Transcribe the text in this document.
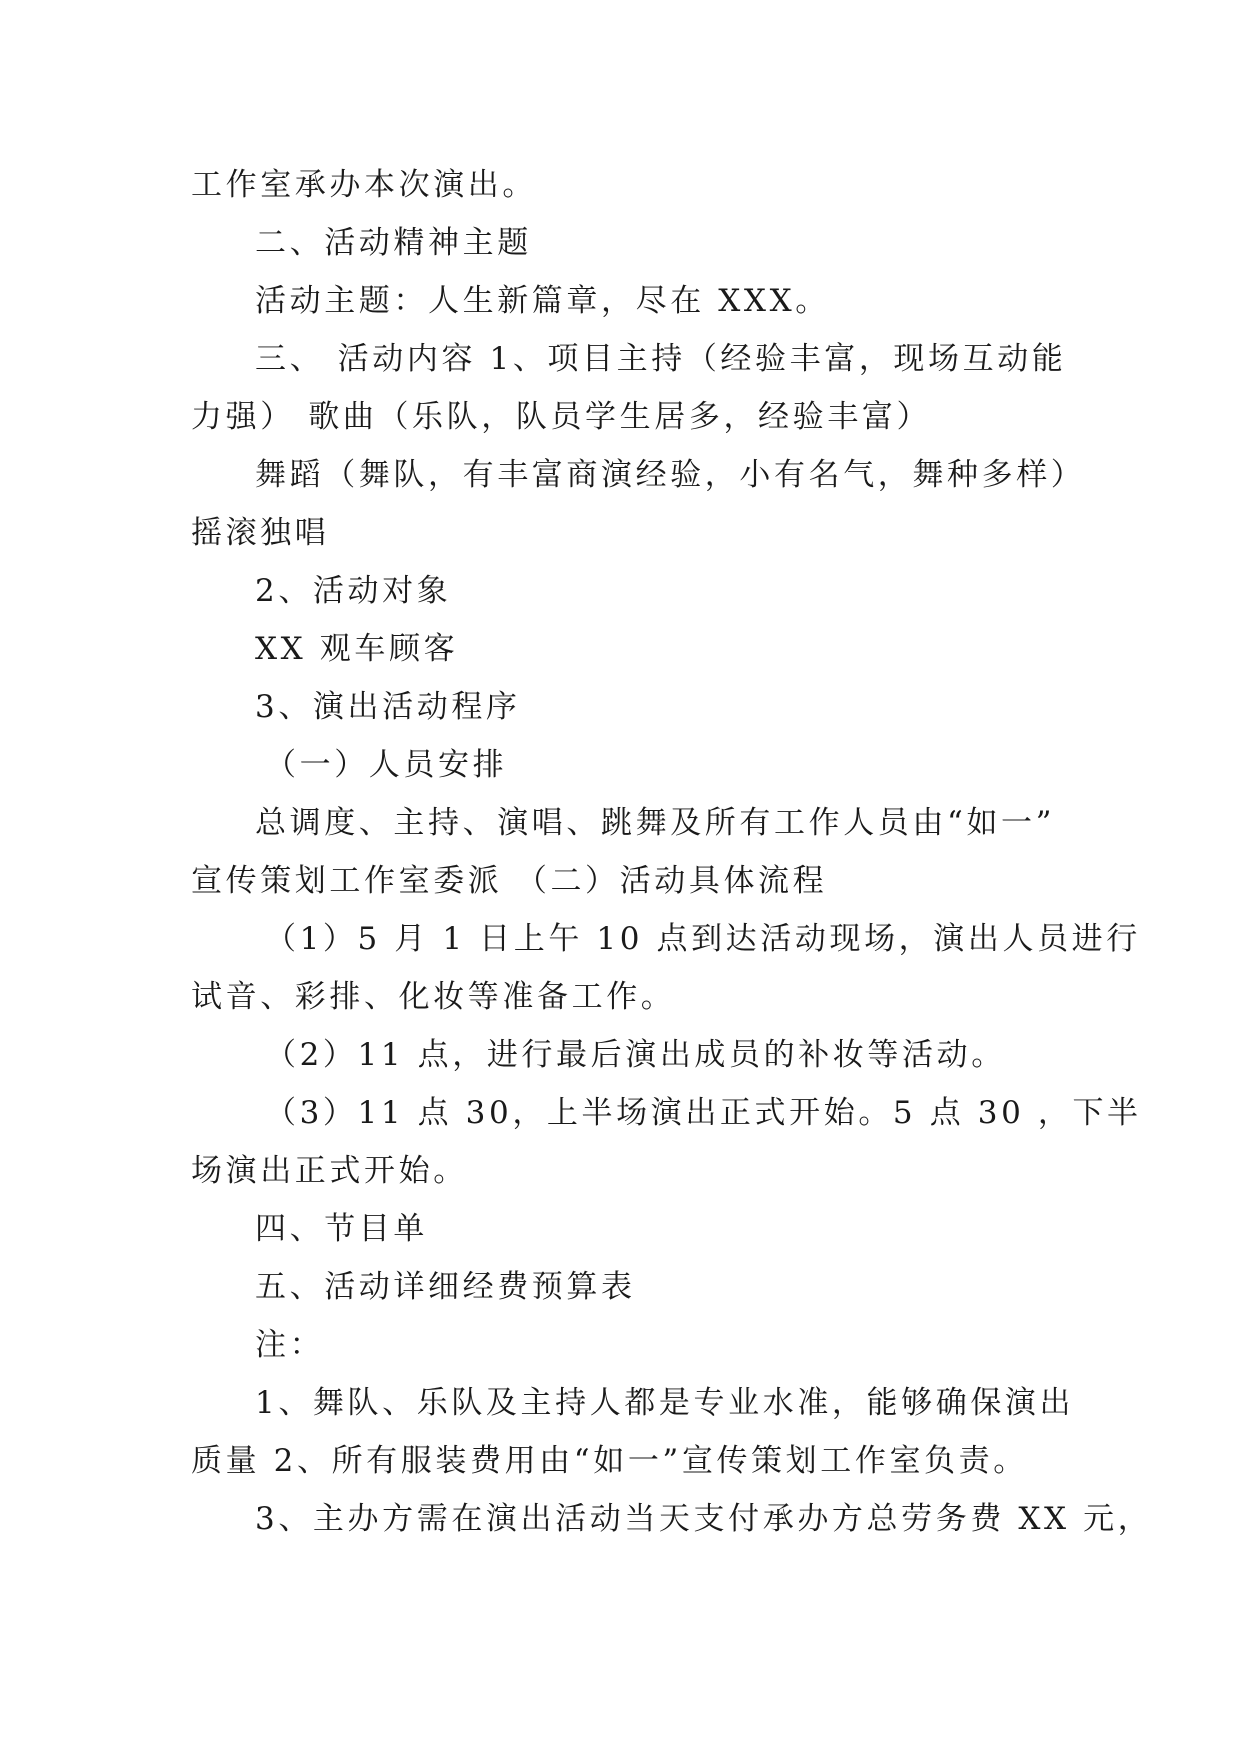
工作室承办本次演出。
二、活动精神主题
活动主题：人生新篇章，尽在 XXX。
三、 活动内容 1、项目主持（经验丰富，现场互动能
力强） 歌曲（乐队，队员学生居多，经验丰富）
舞蹈（舞队，有丰富商演经验，小有名气，舞种多样）
摇滚独唱
2、活动对象
XX 观车顾客
3、演出活动程序
（一）人员安排
总调度、主持、演唱、跳舞及所有工作人员由“如一”
宣传策划工作室委派 （二）活动具体流程
（1）5 月 1 日上午 10 点到达活动现场，演出人员进行
试音、彩排、化妆等准备工作。
（2）11 点，进行最后演出成员的补妆等活动。
（3）11 点 30，上半场演出正式开始。5 点 30 ，下半
场演出正式开始。
四、节目单
五、活动详细经费预算表
注：
1、舞队、乐队及主持人都是专业水准，能够确保演出
质量 2、所有服装费用由“如一”宣传策划工作室负责。
3、主办方需在演出活动当天支付承办方总劳务费 XX 元，
